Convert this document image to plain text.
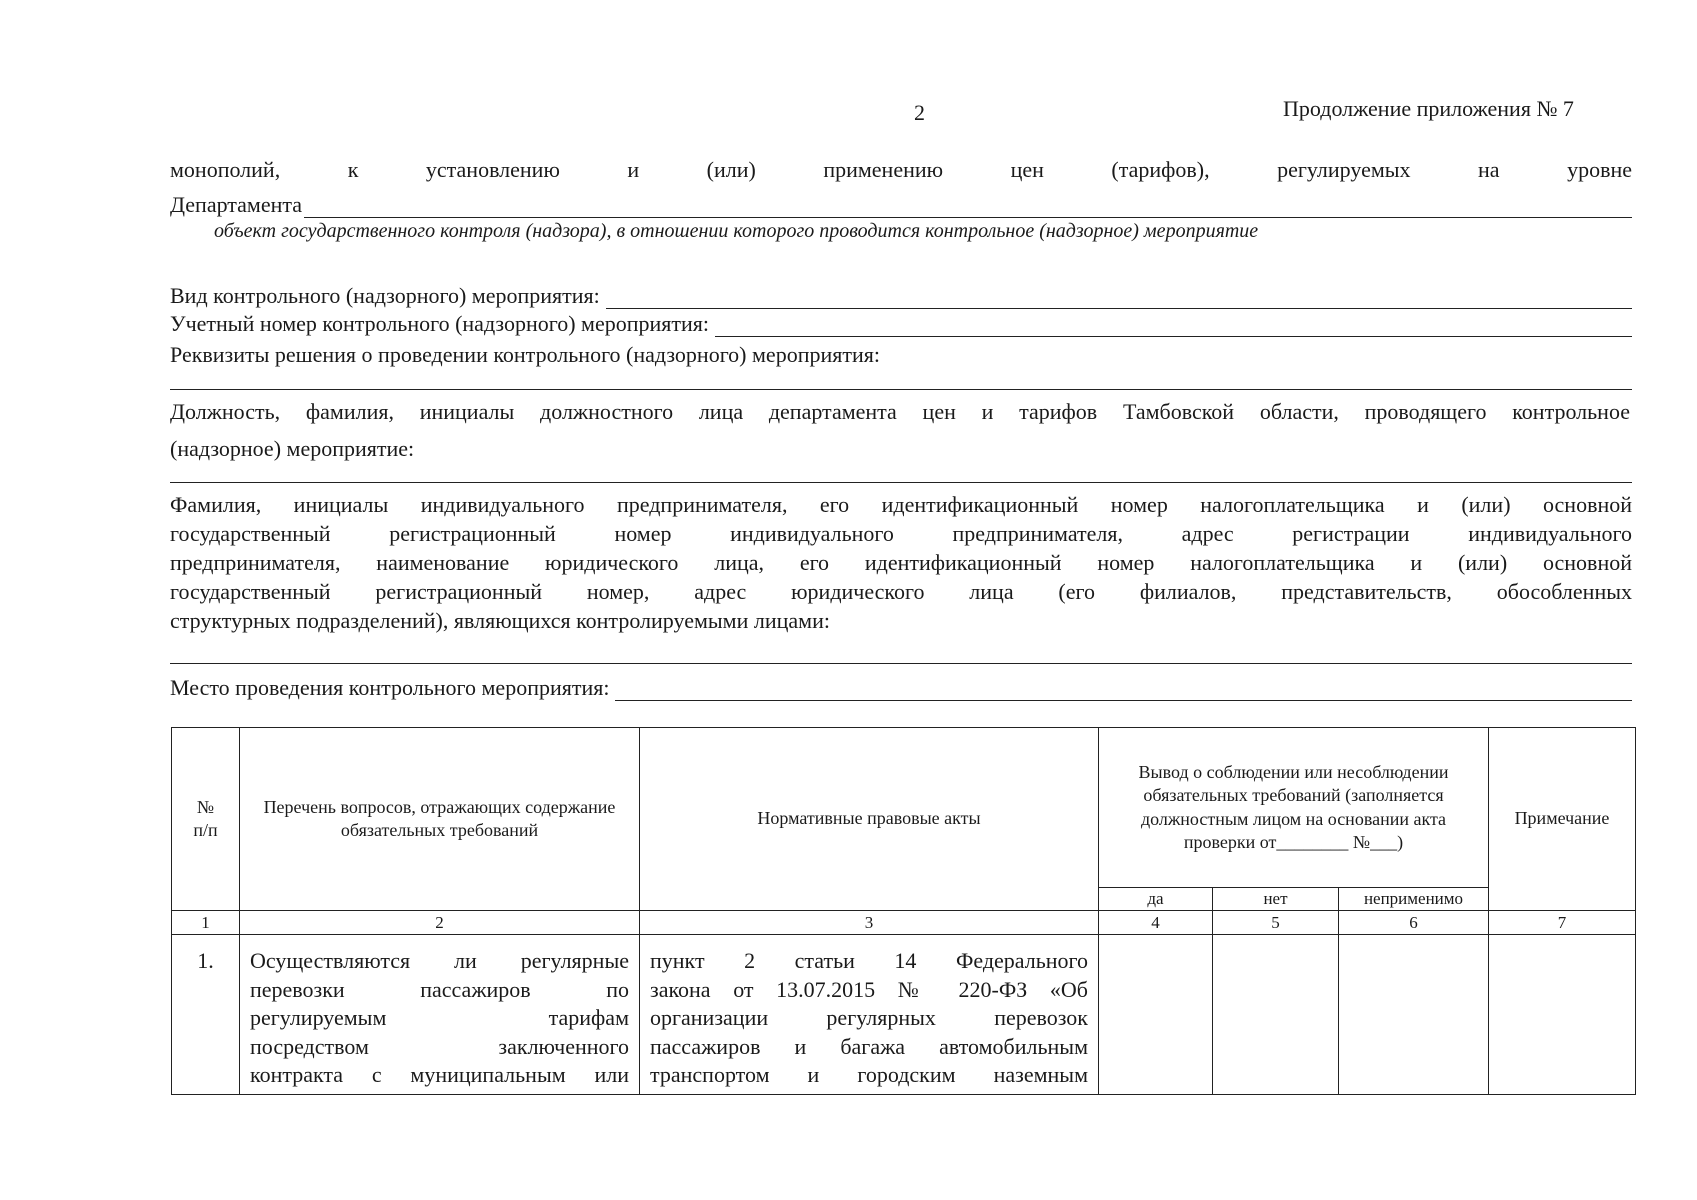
2	Продолжение приложения № 7
монополий, к установлению и (или) применению цен (тарифов), регулируемых на уровне
Департамента
объект государственного контроля (надзора), в отношении которого проводится контрольное (надзорное) мероприятие
Вид контрольного (надзорного) мероприятия:
Учетный номер контрольного (надзорного) мероприятия:
Реквизиты решения о проведении контрольного (надзорного) мероприятия:
Должность, фамилия, инициалы должностного лица департамента цен и тарифов Тамбовской области, проводящего контрольное
(надзорное) мероприятие:
Фамилия, инициалы индивидуального предпринимателя, его идентификационный номер налогоплательщика и (или) основной
государственный регистрационный номер индивидуального предпринимателя, адрес регистрации индивидуального
предпринимателя, наименование юридического лица, его идентификационный номер налогоплательщика и (или) основной
государственный регистрационный номер, адрес юридического лица (его филиалов, представительств, обособленных
структурных подразделений), являющихся контролируемыми лицами:
Место проведения контрольного мероприятия:
№
п/п	Перечень вопросов, отражающих содержание обязательных требований	Нормативные правовые акты	Вывод о соблюдении или несоблюдении обязательных требований (заполняется должностным лицом на основании акта проверки от________ №___)			Примечание
			да	нет	неприменимо	
1	2	3	4	5	6	7
1.	Осуществляются ли регулярные
перевозки пассажиров по
регулируемым тарифам
посредством заключенного
контракта с муниципальным или	пункт 2 статьи 14 Федерального
закона от 13.07.2015 № 220-ФЗ «Об
организации регулярных перевозок
пассажиров и багажа автомобильным
транспортом и городским наземным				
